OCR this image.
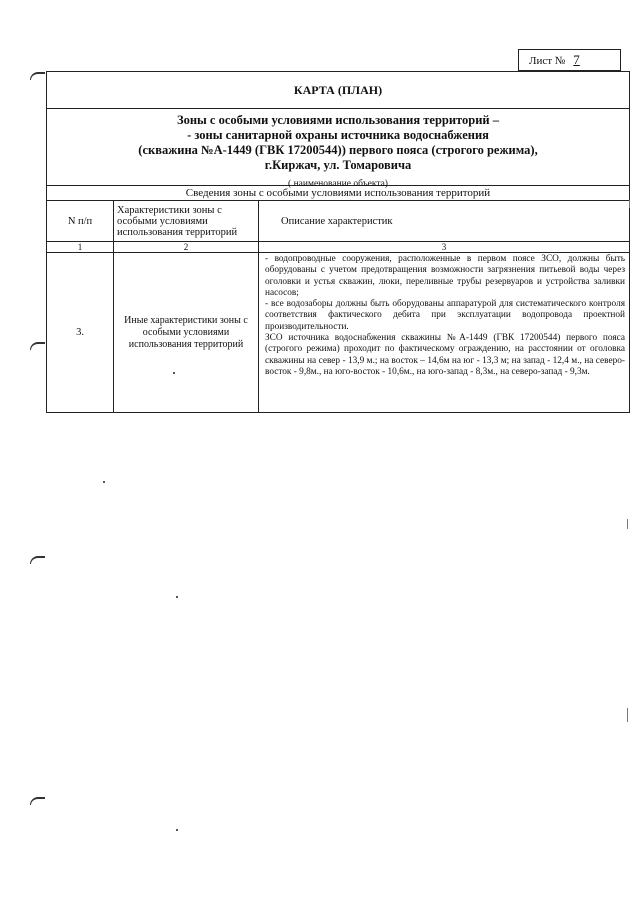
Лист № 7
КАРТА (ПЛАН)
Зоны с особыми условиями использования территорий –
- зоны санитарной охраны источника водоснабжения
(скважина №А-1449 (ГВК 17200544)) первого пояса (строгого режима),
г.Киржач, ул. Томаровича
( наименование объекта)
Сведения зоны с особыми условиями использования территорий
N п/п	Характеристики зоны с особыми условиями использования территорий	Описание характеристик
1	2	3
3.	Иные характеристики зоны с особыми условиями использования территорий	- водопроводные сооружения, расположенные в первом поясе ЗСО, должны быть оборудованы с учетом предотвращения возможности загрязнения питьевой воды через оголовки и устья скважин, люки, переливные трубы резервуаров и устройства заливки насосов;

- все водозаборы должны быть оборудованы аппаратурой для систематического контроля соответствия фактического дебита при эксплуатации водопровода проектной производительности.

ЗСО источника водоснабжения скважины №А-1449 (ГВК 17200544) первого пояса (строгого режима) проходит по фактическому ограждению, на расстоянии от оголовка скважины на север - 13,9 м.; на восток – 14,6м на юг - 13,3 м; на запад - 12,4 м., на северо-восток - 9,8м., на юго-восток - 10,6м., на юго-запад - 8,3м., на северо-запад - 9,3м.
